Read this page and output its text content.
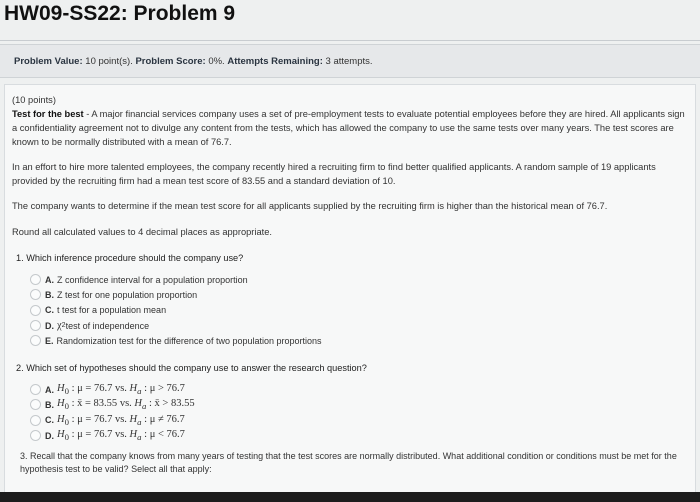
HW09-SS22: Problem 9
Problem Value: 10 point(s). Problem Score: 0%. Attempts Remaining: 3 attempts.
(10 points)
Test for the best - A major financial services company uses a set of pre-employment tests to evaluate potential employees before they are hired. All applicants sign a confidentiality agreement not to divulge any content from the tests, which has allowed the company to use the same tests over many years. The test scores are known to be normally distributed with a mean of 76.7.
In an effort to hire more talented employees, the company recently hired a recruiting firm to find better qualified applicants. A random sample of 19 applicants provided by the recruiting firm had a mean test score of 83.55 and a standard deviation of 10.
The company wants to determine if the mean test score for all applicants supplied by the recruiting firm is higher than the historical mean of 76.7.
Round all calculated values to 4 decimal places as appropriate.
1. Which inference procedure should the company use?
A. Z confidence interval for a population proportion
B. Z test for one population proportion
C. t test for a population mean
D. χ 2 test of independence
E. Randomization test for the difference of two population proportions
2. Which set of hypotheses should the company use to answer the research question?
A. $H_0$ : μ = 76.7 vs. $H_a$ : μ > 76.7
B. $H_0$ : x̄ = 83.55 vs. $H_a$ : x̄ > 83.55
C. $H_0$ : μ = 76.7 vs. $H_a$ : μ ≠ 76.7
D. $H_0$ : μ = 76.7 vs. $H_a$ : μ < 76.7
3. Recall that the company knows from many years of testing that the test scores are normally distributed. What additional condition or conditions must be met for the hypothesis test to be valid? Select all that apply:
